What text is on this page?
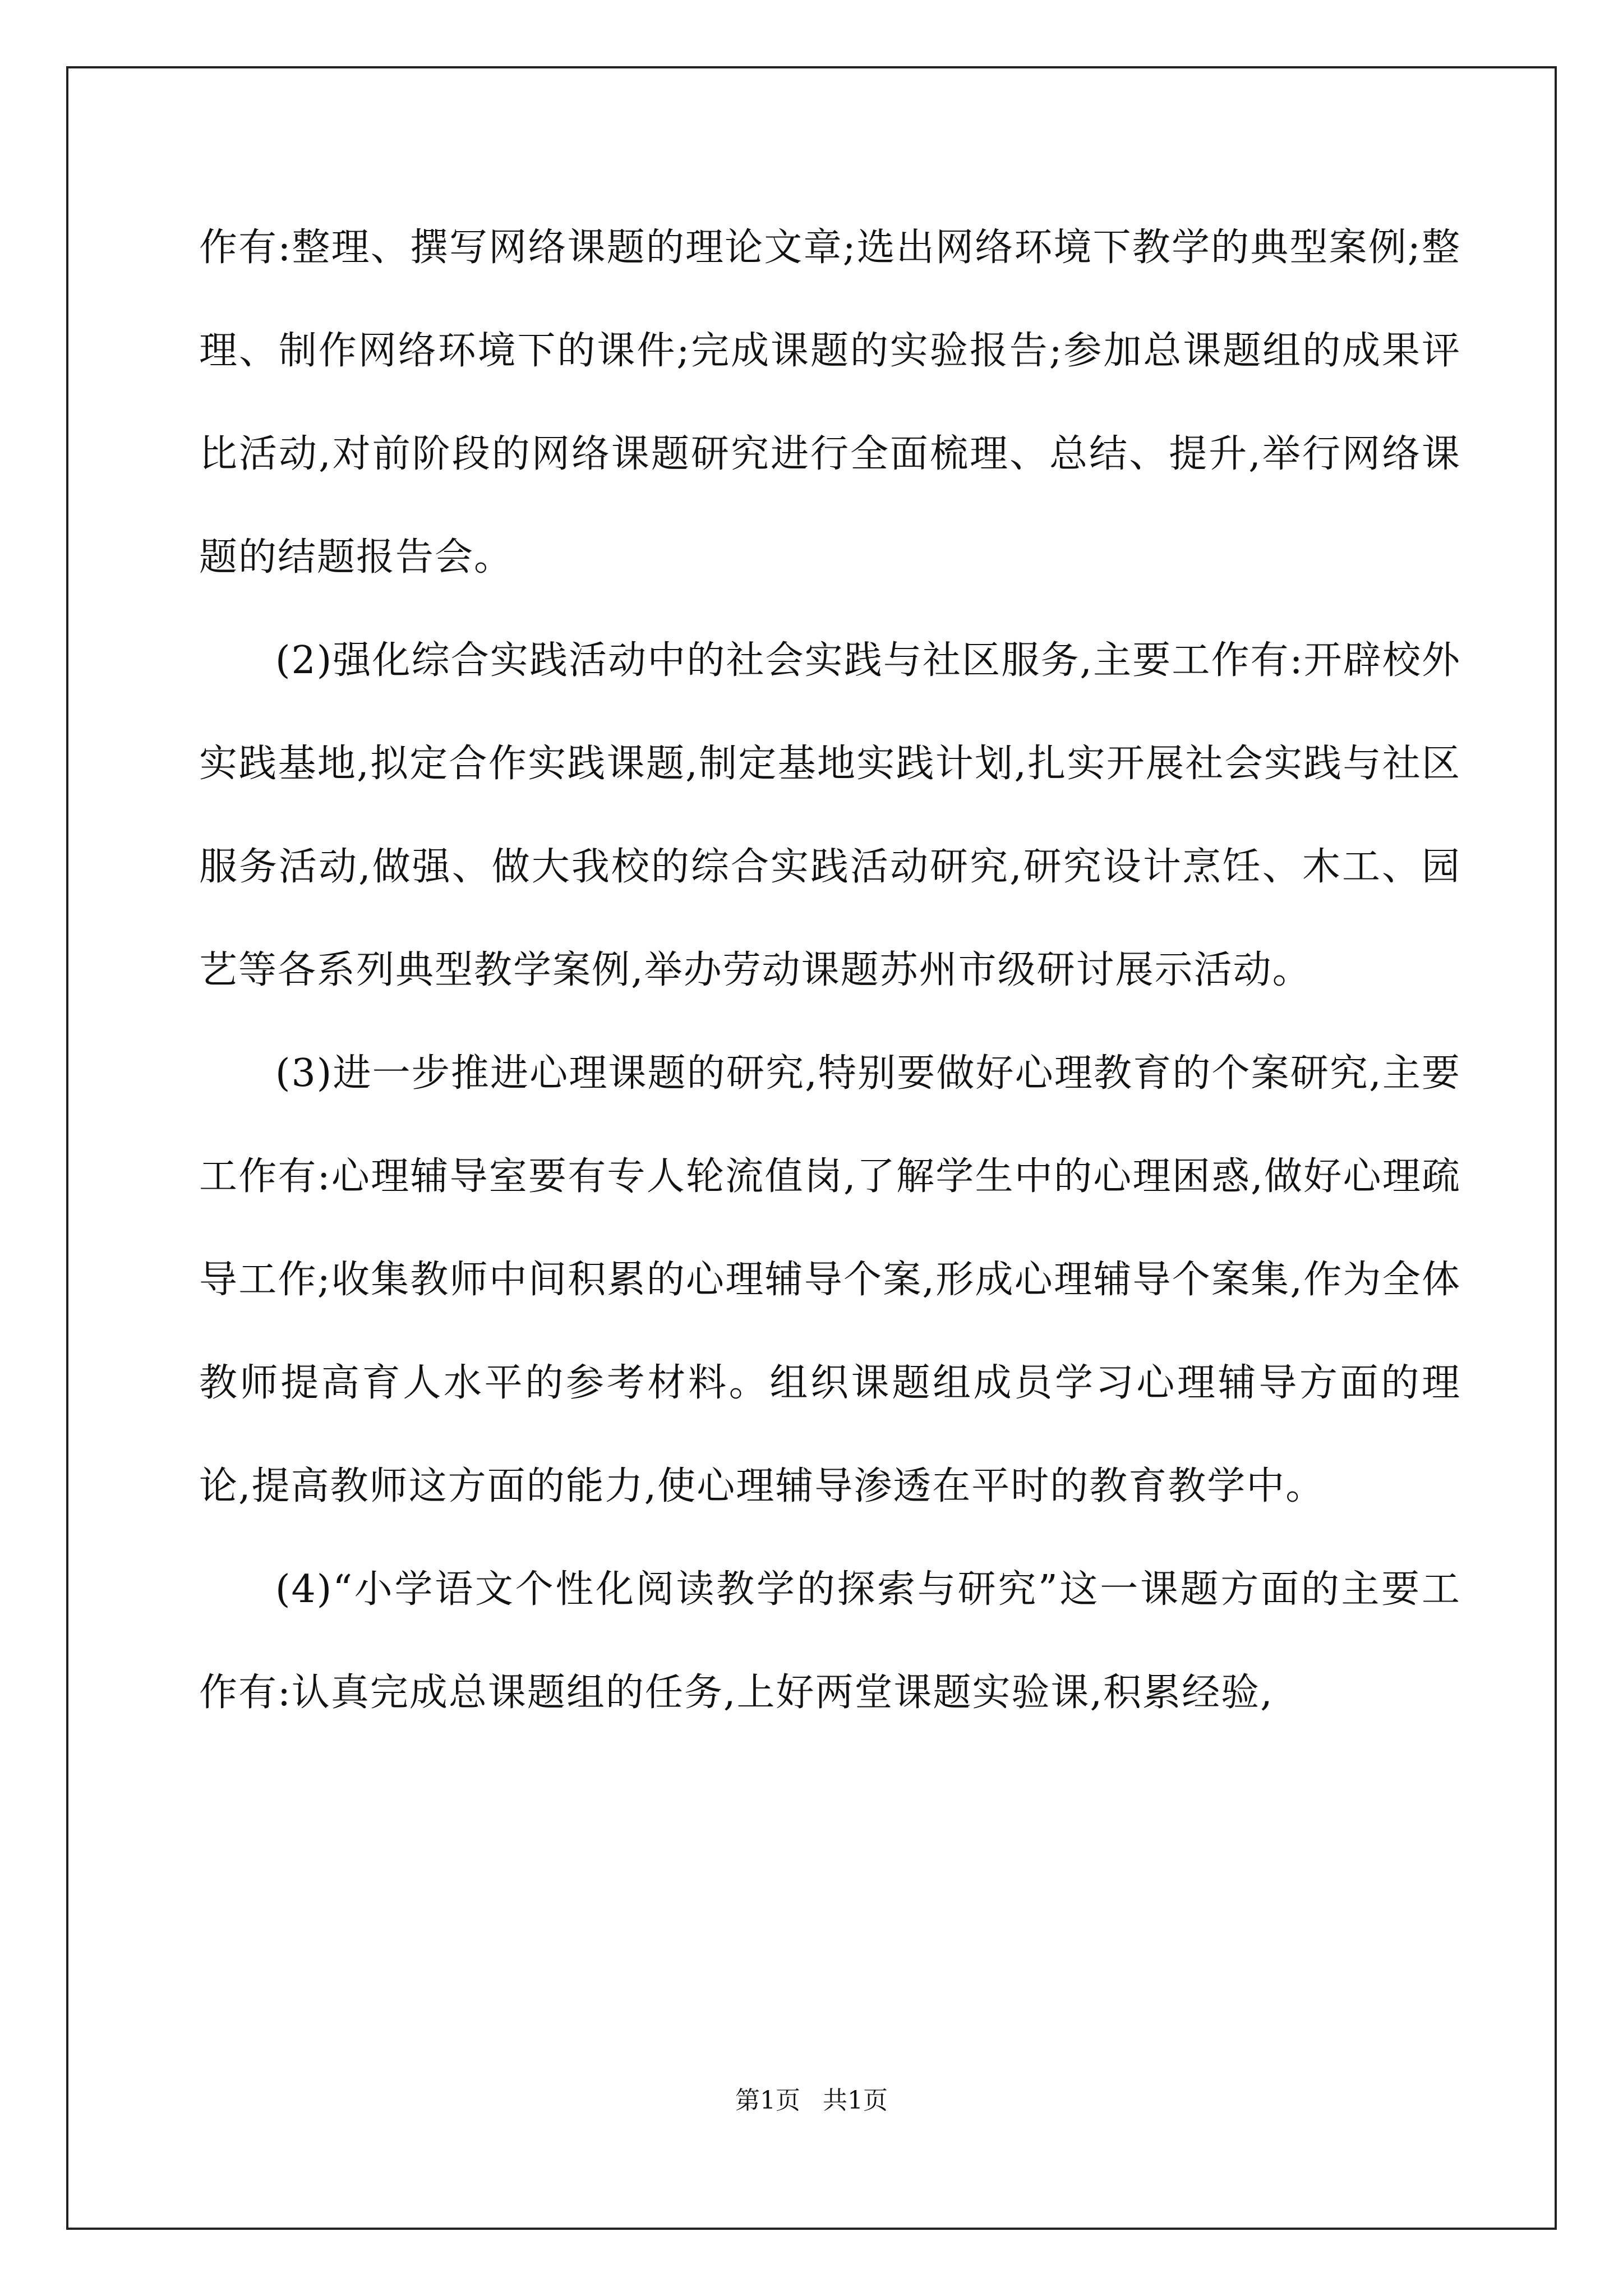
作有:整理、撰写网络课题的理论文章;选出网络环境下教学的典型案例;整理、制作网络环境下的课件;完成课题的实验报告;参加总课题组的成果评比活动,对前阶段的网络课题研究进行全面梳理、总结、提升,举行网络课题的结题报告会。

(2)强化综合实践活动中的社会实践与社区服务,主要工作有:开辟校外实践基地,拟定合作实践课题,制定基地实践计划,扎实开展社会实践与社区服务活动,做强、做大我校的综合实践活动研究,研究设计烹饪、木工、园艺等各系列典型教学案例,举办劳动课题苏州市级研讨展示活动。

(3)进一步推进心理课题的研究,特别要做好心理教育的个案研究,主要工作有:心理辅导室要有专人轮流值岗,了解学生中的心理困惑,做好心理疏导工作;收集教师中间积累的心理辅导个案,形成心理辅导个案集,作为全体教师提高育人水平的参考材料。组织课题组成员学习心理辅导方面的理论,提高教师这方面的能力,使心理辅导渗透在平时的教育教学中。

(4)“小学语文个性化阅读教学的探索与研究”这一课题方面的主要工作有:认真完成总课题组的任务,上好两堂课题实验课,积累经验,

第1页 共1页
